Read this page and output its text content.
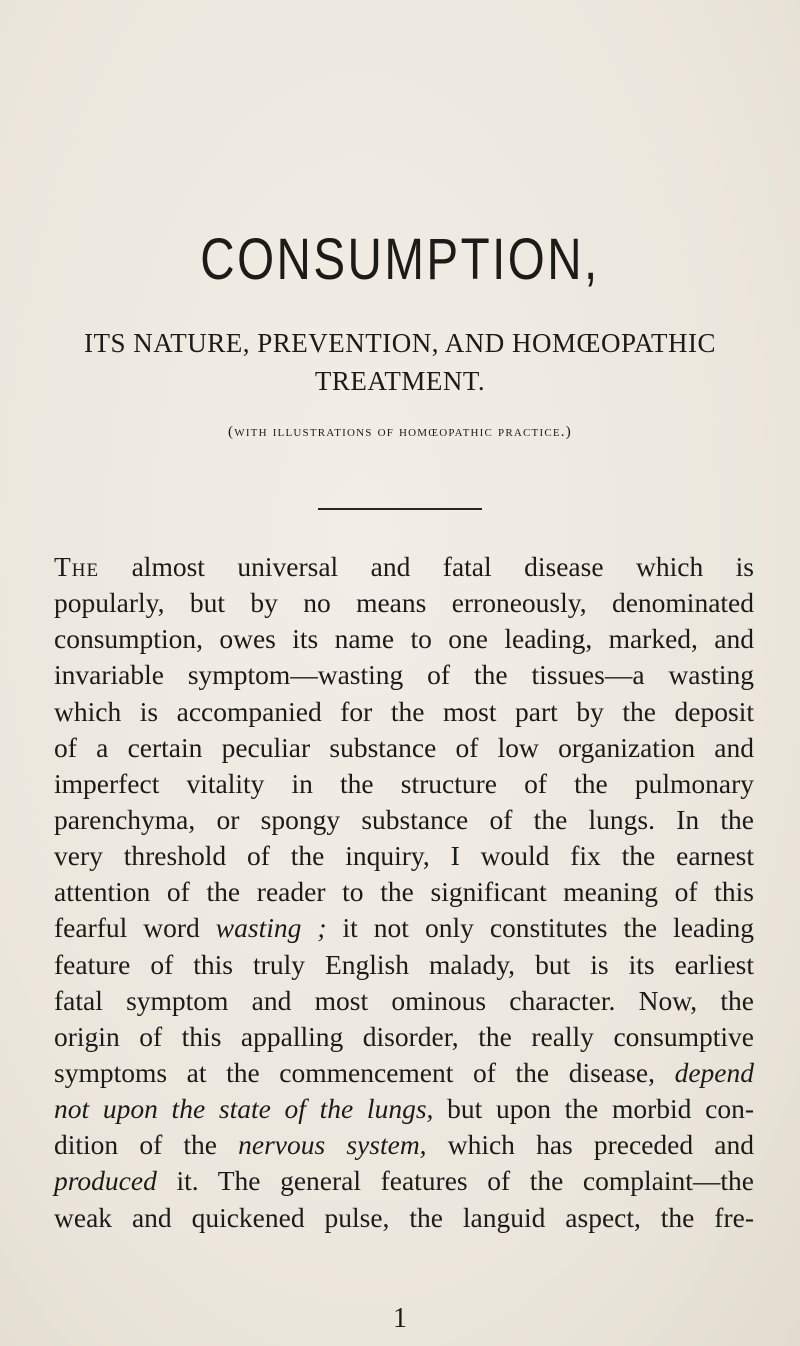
CONSUMPTION,

ITS NATURE, PREVENTION, AND HOMŒOPATHIC

TREATMENT.

(with illustrations of homœopathic practice.)

The almost universal and fatal disease which is
popularly, but by no means erroneously, denominated
consumption, owes its name to one leading, marked, and
invariable symptom—wasting of the tissues—a wasting
which is accompanied for the most part by the deposit
of a certain peculiar substance of low organization and
imperfect vitality in the structure of the pulmonary
parenchyma, or spongy substance of the lungs. In the
very threshold of the inquiry, I would fix the earnest
attention of the reader to the significant meaning of this
fearful word wasting ; it not only constitutes the leading
feature of this truly English malady, but is its earliest
fatal symptom and most ominous character. Now, the
origin of this appalling disorder, the really consumptive
symptoms at the commencement of the disease, depend
not upon the state of the lungs, but upon the morbid con-
dition of the nervous system, which has preceded and
produced it. The general features of the complaint—the
weak and quickened pulse, the languid aspect, the fre-

1
